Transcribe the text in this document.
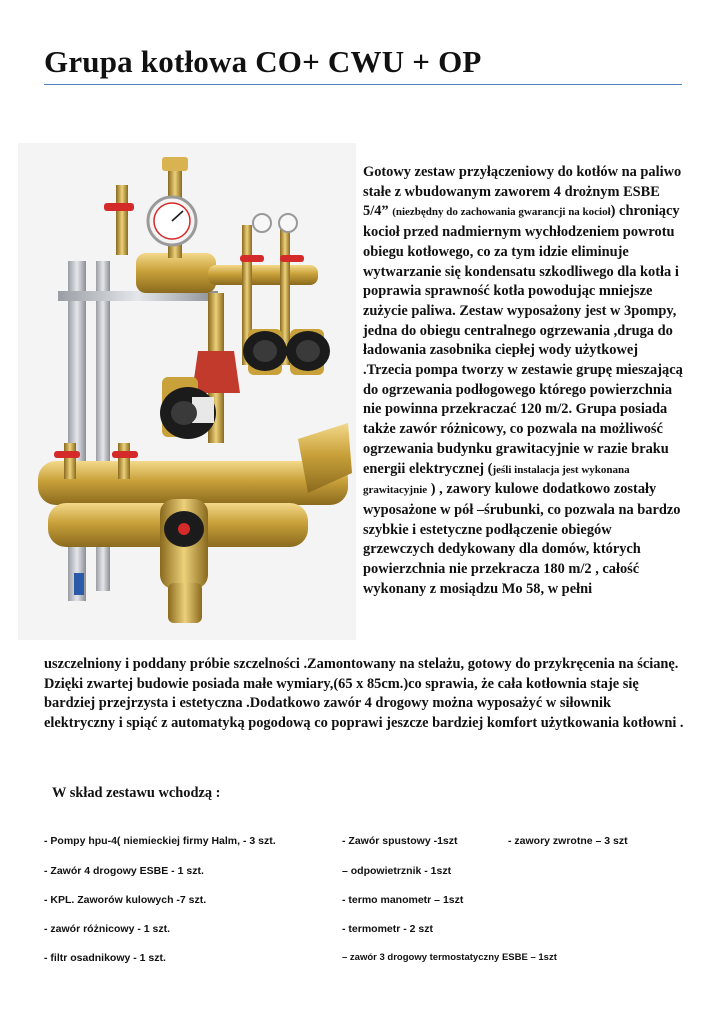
Grupa kotłowa CO+ CWU + OP

Gotowy zestaw przyłączeniowy do kotłów na paliwo stałe z wbudowanym zaworem 4 drożnym ESBE 5/4” (niezbędny do zachowania gwarancji na kocioł) chroniący kocioł przed nadmiernym wychłodzeniem powrotu obiegu kotłowego, co za tym idzie eliminuje wytwarzanie się kondensatu szkodliwego dla kotła i poprawia sprawność kotła powodując mniejsze zużycie paliwa. Zestaw wyposażony jest w 3pompy, jedna do obiegu centralnego ogrzewania ,druga do ładowania zasobnika ciepłej wody użytkowej .Trzecia pompa tworzy w zestawie grupę mieszającą do ogrzewania podłogowego którego powierzchnia nie powinna przekraczać 120 m/2. Grupa posiada także zawór różnicowy, co pozwala na możliwość ogrzewania budynku grawitacyjnie w razie braku energii elektrycznej (jeśli instalacja jest wykonana grawitacyjnie ) , zawory kulowe dodatkowo zostały wyposażone w pół –śrubunki, co pozwala na bardzo szybkie i estetyczne podłączenie obiegów grzewczych dedykowany dla domów, których powierzchnia nie przekracza 180 m/2 , całość wykonany z mosiądzu Mo 58, w pełni

uszczelniony i poddany próbie szczelności .Zamontowany na stelażu, gotowy do przykręcenia na ścianę. Dzięki zwartej budowie posiada małe wymiary,(65 x 85cm.)co sprawia, że cała kotłownia staje się bardziej przejrzysta i estetyczna .Dodatkowo zawór 4 drogowy można wyposażyć w siłownik elektryczny i spiąć z automatyką pogodową co poprawi jeszcze bardziej komfort użytkowania kotłowni .

W skład zestawu wchodzą :

- Pompy hpu-4( niemieckiej firmy Halm, - 3 szt.

- Zawór 4 drogowy ESBE - 1 szt.

- KPL. Zaworów kulowych -7 szt.

- zawór różnicowy - 1 szt.

- filtr osadnikowy - 1 szt.

- Zawór spustowy -1szt

– odpowietrznik - 1szt

- termo manometr – 1szt

- termometr - 2 szt

– zawór 3 drogowy termostatyczny ESBE – 1szt

- zawory zwrotne – 3 szt
